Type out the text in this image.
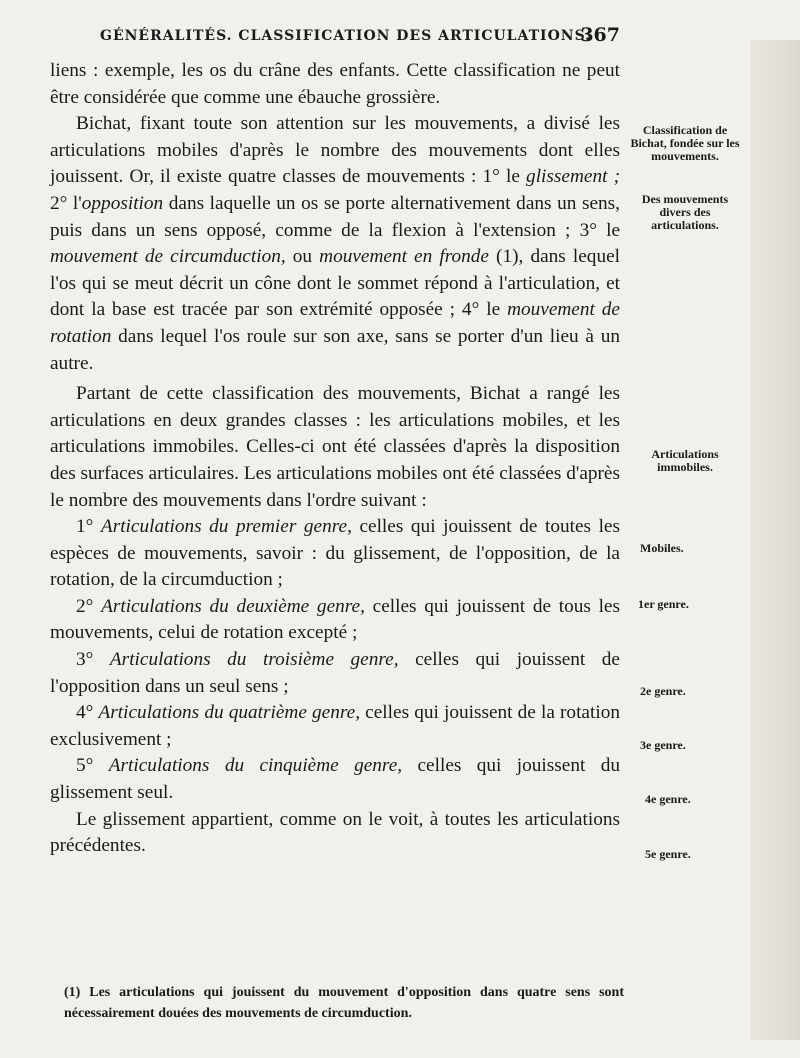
GÉNÉRALITÉS. CLASSIFICATION DES ARTICULATIONS.
367

liens : exemple, les os du crâne des enfants. Cette classification ne peut être considérée que comme une ébauche grossière.

Bichat, fixant toute son attention sur les mouvements, a divisé les articulations mobiles d'après le nombre des mouvements dont elles jouissent. Or, il existe quatre classes de mouvements : 1° le glissement ; 2° l'opposition dans laquelle un os se porte alternativement dans un sens, puis dans un sens opposé, comme de la flexion à l'extension ; 3° le mouvement de circumduction, ou mouvement en fronde (1), dans lequel l'os qui se meut décrit un cône dont le sommet répond à l'articulation, et dont la base est tracée par son extrémité opposée ; 4° le mouvement de rotation dans lequel l'os roule sur son axe, sans se porter d'un lieu à un autre.

Partant de cette classification des mouvements, Bichat a rangé les articulations en deux grandes classes : les articulations mobiles, et les articulations immobiles. Celles-ci ont été classées d'après la disposition des surfaces articulaires. Les articulations mobiles ont été classées d'après le nombre des mouvements dans l'ordre suivant :

1° Articulations du premier genre, celles qui jouissent de toutes les espèces de mouvements, savoir : du glissement, de l'opposition, de la rotation, de la circumduction ;

2° Articulations du deuxième genre, celles qui jouissent de tous les mouvements, celui de rotation excepté ;

3° Articulations du troisième genre, celles qui jouissent de l'opposition dans un seul sens ;

4° Articulations du quatrième genre, celles qui jouissent de la rotation exclusivement ;

5° Articulations du cinquième genre, celles qui jouissent du glissement seul.

Le glissement appartient, comme on le voit, à toutes les articulations précédentes.

(1) Les articulations qui jouissent du mouvement d'opposition dans quatre sens sont nécessairement douées des mouvements de circumduction.
Classification de Bichat, fondée sur les mouvements.
Des mouvements divers des articulations.
Articulations immobiles.
Mobiles.
1er genre.
2e genre.
3e genre.
4e genre.
5e genre.
